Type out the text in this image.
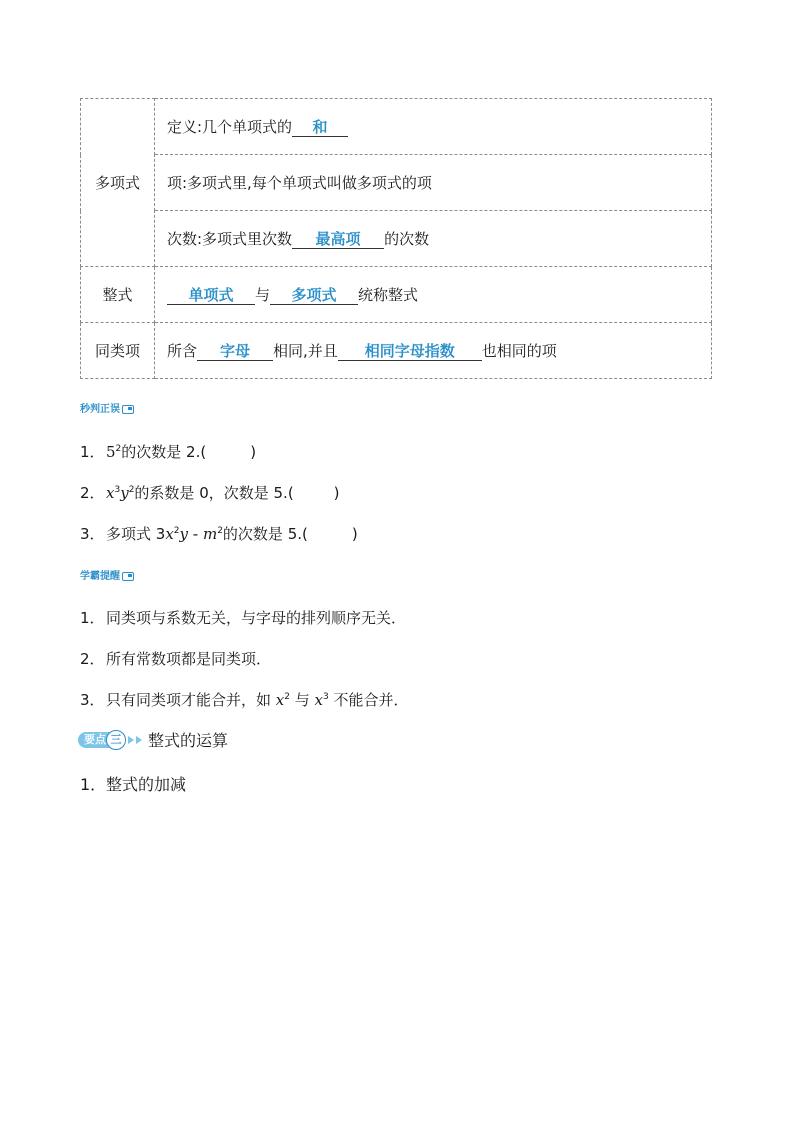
多项式	定义:几个单项式的 和
	项:多项式里,每个单项式叫做多项式的项
	次数:多项式里次数 最高项 的次数
整式	单项式 与 多项式 统称整式
同类项	所含 字母 相同,并且 相同字母指数 也相同的项
秒判正误
1．$5^2$的次数是 2.(	)
2．$x^3y^2$的系数是 0，次数是 5.(	)
3．多项式 $3x^2y - m^2$的次数是 5.(	)
学霸提醒
1．同类项与系数无关，与字母的排列顺序无关．
2．所有常数项都是同类项．
3．只有同类项才能合并，如 $x^2$ 与 $x^3$ 不能合并．
要点 三 整式的运算
1．整式的加减
